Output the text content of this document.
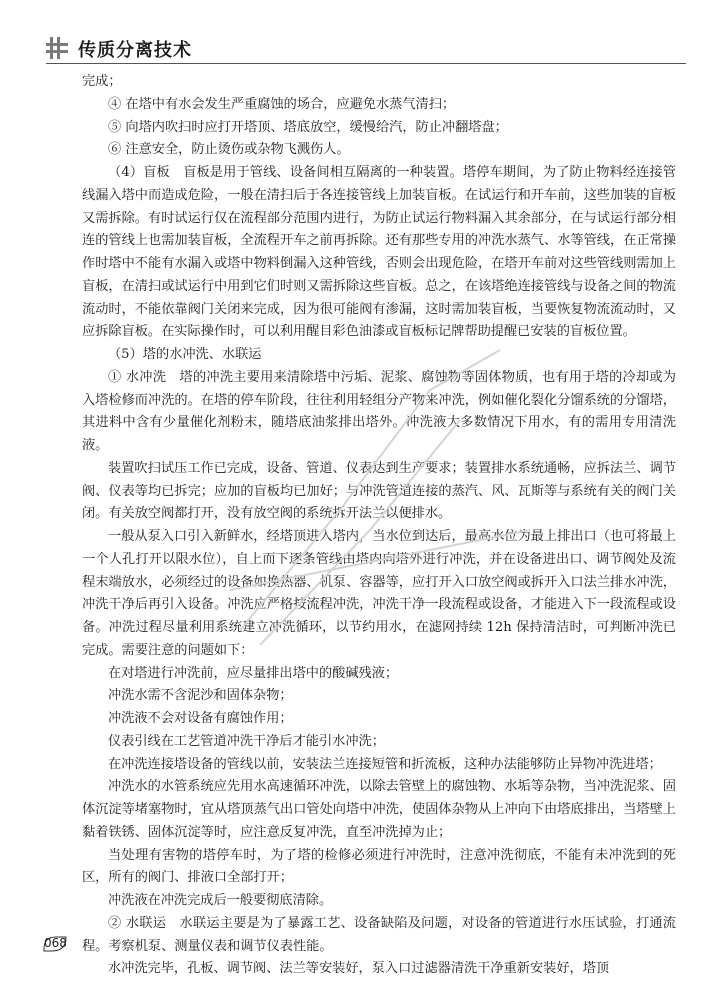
传质分离技术

完成；

④ 在塔中有水会发生严重腐蚀的场合，应避免水蒸气清扫；

⑤ 向塔内吹扫时应打开塔顶、塔底放空，缓慢给汽，防止冲翻塔盘；

⑥ 注意安全，防止烫伤或杂物飞溅伤人。

（4）盲板　盲板是用于管线、设备间相互隔离的一种装置。塔停车期间，为了防止物料经连接管线漏入塔中而造成危险，一般在清扫后于各连接管线上加装盲板。在试运行和开车前，这些加装的盲板又需拆除。有时试运行仅在流程部分范围内进行，为防止试运行物料漏入其余部分，在与试运行部分相连的管线上也需加装盲板，全流程开车之前再拆除。还有那些专用的冲洗水蒸气、水等管线，在正常操作时塔中不能有水漏入或塔中物料倒漏入这种管线，否则会出现危险，在塔开车前对这些管线则需加上盲板，在清扫或试运行中用到它们时则又需拆除这些盲板。总之，在该塔绝连接管线与设备之间的物流流动时，不能依靠阀门关闭来完成，因为很可能阀有渗漏，这时需加装盲板，当要恢复物流流动时，又应拆除盲板。在实际操作时，可以利用醒目彩色油漆或盲板标记牌帮助提醒已安装的盲板位置。

（5）塔的水冲洗、水联运

① 水冲洗　塔的冲洗主要用来清除塔中污垢、泥浆、腐蚀物等固体物质，也有用于塔的冷却或为入塔检修而冲洗的。在塔的停车阶段，往往利用轻组分产物来冲洗，例如催化裂化分馏系统的分馏塔，其进料中含有少量催化剂粉末，随塔底油浆排出塔外。冲洗液大多数情况下用水，有的需用专用清洗液。

装置吹扫试压工作已完成，设备、管道、仪表达到生产要求；装置排水系统通畅，应拆法兰、调节阀、仪表等均已拆完；应加的盲板均已加好；与冲洗管道连接的蒸汽、风、瓦斯等与系统有关的阀门关闭。有关放空阀都打开，没有放空阀的系统拆开法兰以便排水。

一般从泵入口引入新鲜水，经塔顶进入塔内，当水位到达后，最高水位为最上排出口（也可将最上一个人孔打开以限水位），自上而下逐条管线由塔内向塔外进行冲洗，并在设备进出口、调节阀处及流程末端放水，必须经过的设备如换热器、机泵、容器等，应打开入口放空阀或拆开入口法兰排水冲洗，冲洗干净后再引入设备。冲洗应严格按流程冲洗，冲洗干净一段流程或设备，才能进入下一段流程或设备。冲洗过程尽量利用系统建立冲洗循环，以节约用水，在滤网持续 12h 保持清洁时，可判断冲洗已完成。需要注意的问题如下：

在对塔进行冲洗前，应尽量排出塔中的酸碱残液；

冲洗水需不含泥沙和固体杂物；

冲洗液不会对设备有腐蚀作用；

仪表引线在工艺管道冲洗干净后才能引水冲洗；

在冲洗连接塔设备的管线以前，安装法兰连接短管和折流板，这种办法能够防止异物冲洗进塔；

冲洗水的水管系统应先用水高速循环冲洗，以除去管壁上的腐蚀物、水垢等杂物，当冲洗泥浆、固体沉淀等堵塞物时，宜从塔顶蒸气出口管处向塔中冲洗，使固体杂物从上冲向下由塔底排出，当塔壁上黏着铁锈、固体沉淀等时，应注意反复冲洗，直至冲洗掉为止；

当处理有害物的塔停车时，为了塔的检修必须进行冲洗时，注意冲洗彻底，不能有未冲洗到的死区，所有的阀门、排液口全部打开；

冲洗液在冲洗完成后一般要彻底清除。

② 水联运　水联运主要是为了暴露工艺、设备缺陷及问题，对设备的管道进行水压试验，打通流程。考察机泵、测量仪表和调节仪表性能。

水冲洗完毕，孔板、调节阀、法兰等安装好，泵入口过滤器清洗干净重新安装好，塔顶

068
